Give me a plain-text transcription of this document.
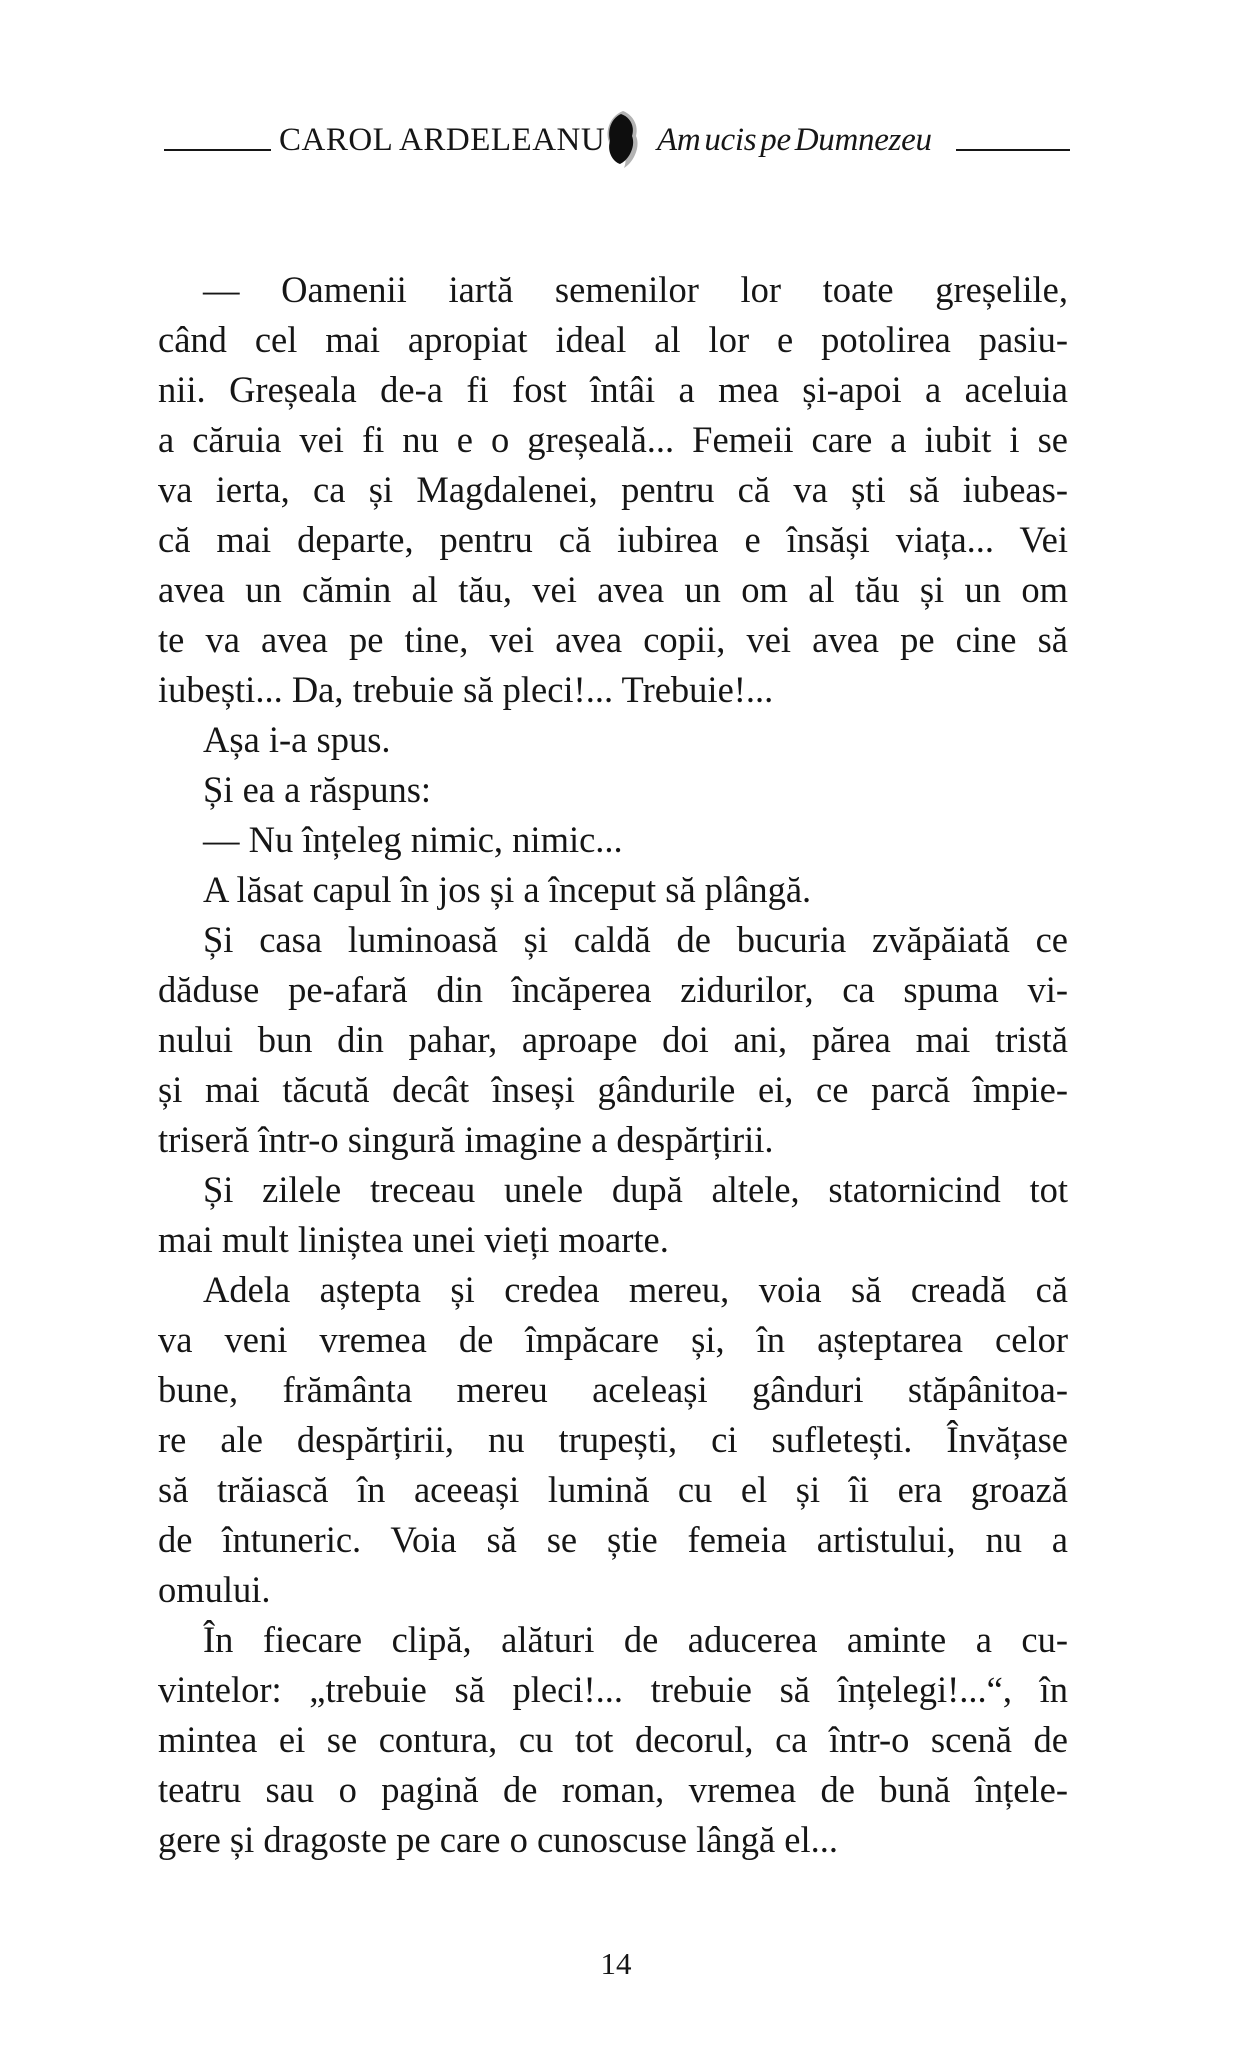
CAROL ARDELEANU Am ucis pe Dumnezeu
— Oamenii iartă semenilor lor toate greșelile,
când cel mai apropiat ideal al lor e potolirea pasiu-
nii. Greșeala de-a fi fost întâi a mea și-apoi a aceluia
a căruia vei fi nu e o greșeală... Femeii care a iubit i se
va ierta, ca și Magdalenei, pentru că va ști să iubeas-
că mai departe, pentru că iubirea e însăși viața... Vei
avea un cămin al tău, vei avea un om al tău și un om
te va avea pe tine, vei avea copii, vei avea pe cine să
iubești... Da, trebuie să pleci!... Trebuie!...
Așa i-a spus.
Și ea a răspuns:
— Nu înțeleg nimic, nimic...
A lăsat capul în jos și a început să plângă.
Și casa luminoasă și caldă de bucuria zvăpăiată ce
dăduse pe-afară din încăperea zidurilor, ca spuma vi-
nului bun din pahar, aproape doi ani, părea mai tristă
și mai tăcută decât înseși gândurile ei, ce parcă împie-
triseră într-o singură imagine a despărțirii.
Și zilele treceau unele după altele, statornicind tot
mai mult liniștea unei vieți moarte.
Adela aștepta și credea mereu, voia să creadă că
va veni vremea de împăcare și, în așteptarea celor
bune, frământa mereu aceleași gânduri stăpânitoa-
re ale despărțirii, nu trupești, ci sufletești. Învățase
să trăiască în aceeași lumină cu el și îi era groază
de întuneric. Voia să se știe femeia artistului, nu a
omului.
În fiecare clipă, alături de aducerea aminte a cu-
vintelor: „trebuie să pleci!... trebuie să înțelegi!...“, în
mintea ei se contura, cu tot decorul, ca într-o scenă de
teatru sau o pagină de roman, vremea de bună înțele-
gere și dragoste pe care o cunoscuse lângă el...
14
